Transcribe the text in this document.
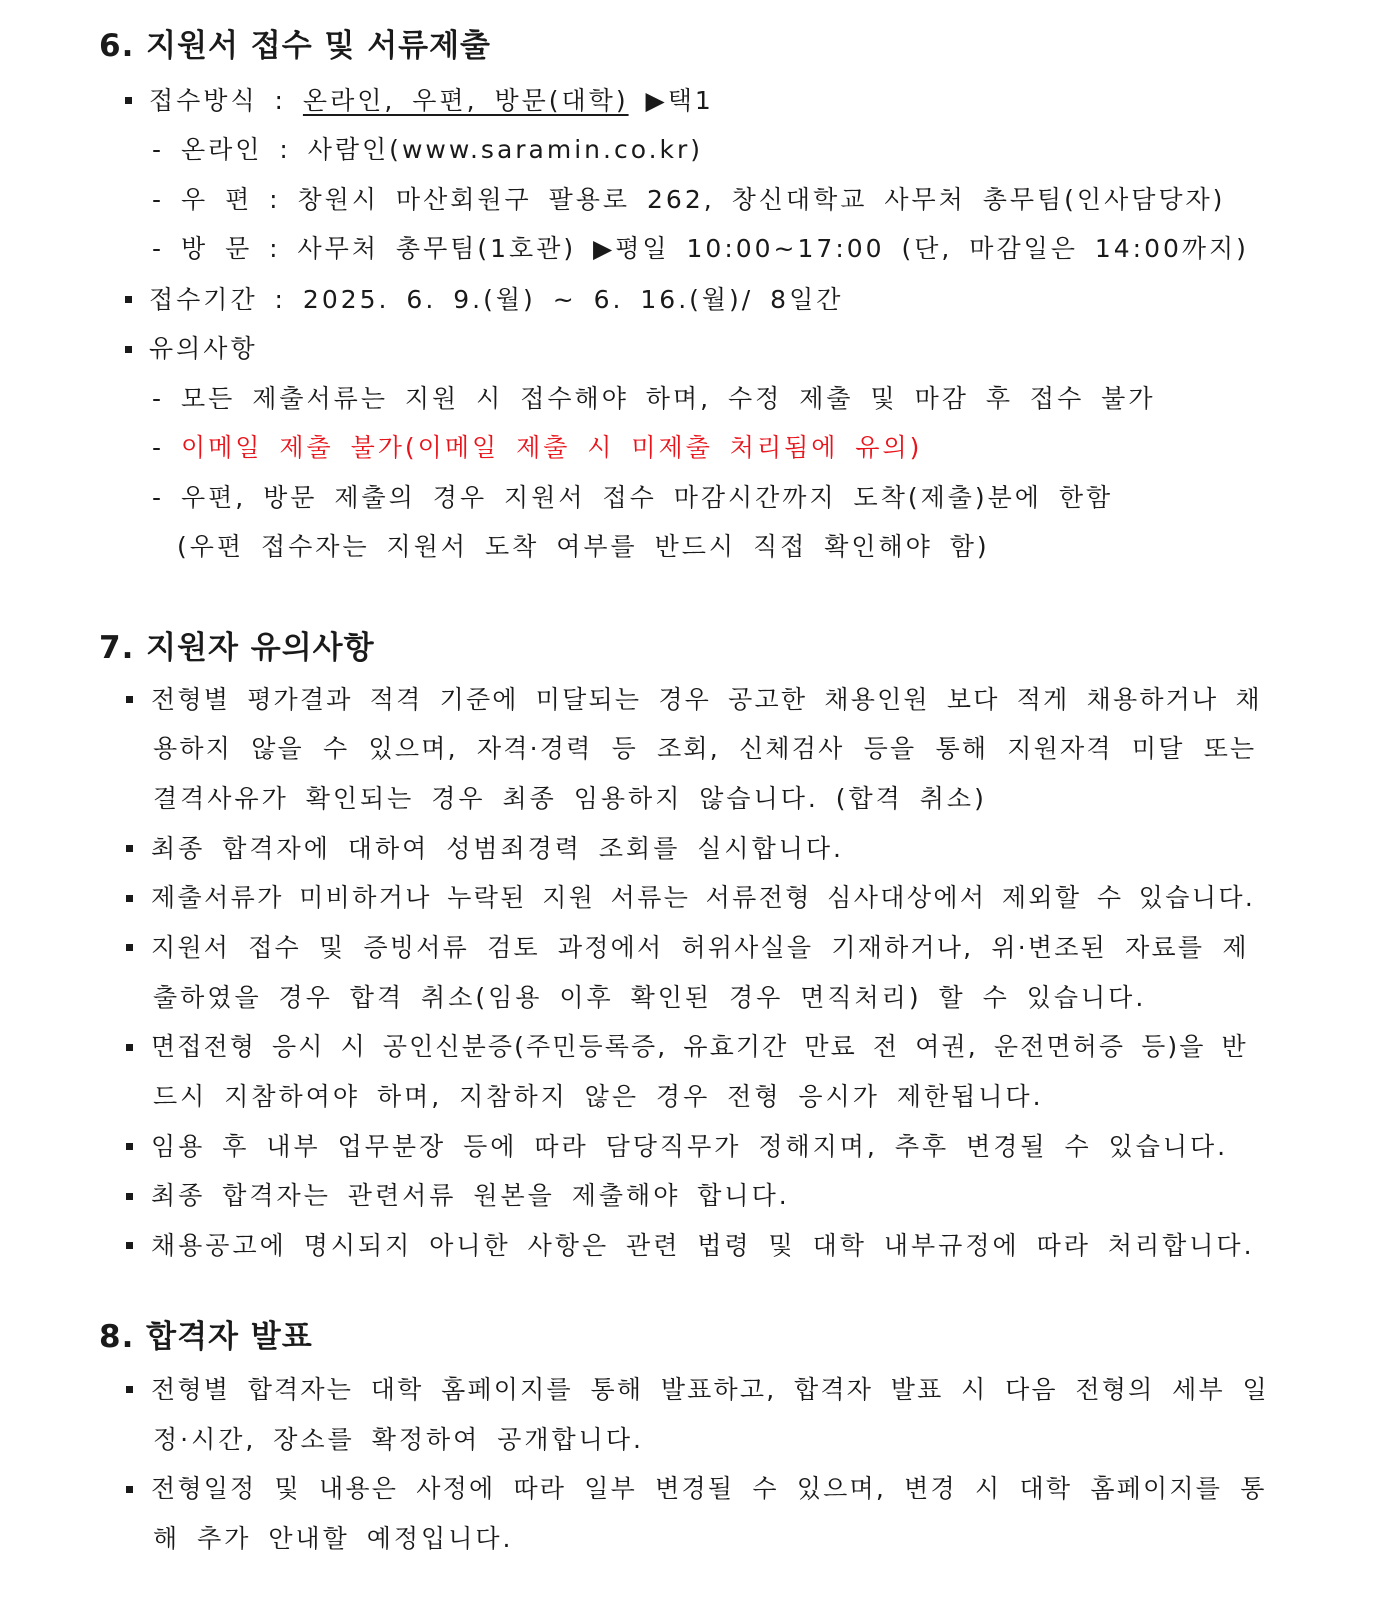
6. 지원서 접수 및 서류제출
접수방식 : 온라인, 우편, 방문(대학) ▶택1
- 온라인 : 사람인(www.saramin.co.kr)
- 우 편 : 창원시 마산회원구 팔용로 262, 창신대학교 사무처 총무팀(인사담당자)
- 방 문 : 사무처 총무팀(1호관) ▶평일 10:00~17:00 (단, 마감일은 14:00까지)
접수기간 : 2025. 6. 9.(월) ~ 6. 16.(월)/ 8일간
유의사항
- 모든 제출서류는 지원 시 접수해야 하며, 수정 제출 및 마감 후 접수 불가
- 이메일 제출 불가(이메일 제출 시 미제출 처리됨에 유의)
- 우편, 방문 제출의 경우 지원서 접수 마감시간까지 도착(제출)분에 한함
(우편 접수자는 지원서 도착 여부를 반드시 직접 확인해야 함)
7. 지원자 유의사항
전형별 평가결과 적격 기준에 미달되는 경우 공고한 채용인원 보다 적게 채용하거나 채
용하지 않을 수 있으며, 자격·경력 등 조회, 신체검사 등을 통해 지원자격 미달 또는
결격사유가 확인되는 경우 최종 임용하지 않습니다. (합격 취소)
최종 합격자에 대하여 성범죄경력 조회를 실시합니다.
제출서류가 미비하거나 누락된 지원 서류는 서류전형 심사대상에서 제외할 수 있습니다.
지원서 접수 및 증빙서류 검토 과정에서 허위사실을 기재하거나, 위·변조된 자료를 제
출하였을 경우 합격 취소(임용 이후 확인된 경우 면직처리) 할 수 있습니다.
면접전형 응시 시 공인신분증(주민등록증, 유효기간 만료 전 여권, 운전면허증 등)을 반
드시 지참하여야 하며, 지참하지 않은 경우 전형 응시가 제한됩니다.
임용 후 내부 업무분장 등에 따라 담당직무가 정해지며, 추후 변경될 수 있습니다.
최종 합격자는 관련서류 원본을 제출해야 합니다.
채용공고에 명시되지 아니한 사항은 관련 법령 및 대학 내부규정에 따라 처리합니다.
8. 합격자 발표
전형별 합격자는 대학 홈페이지를 통해 발표하고, 합격자 발표 시 다음 전형의 세부 일
정·시간, 장소를 확정하여 공개합니다.
전형일정 및 내용은 사정에 따라 일부 변경될 수 있으며, 변경 시 대학 홈페이지를 통
해 추가 안내할 예정입니다.
